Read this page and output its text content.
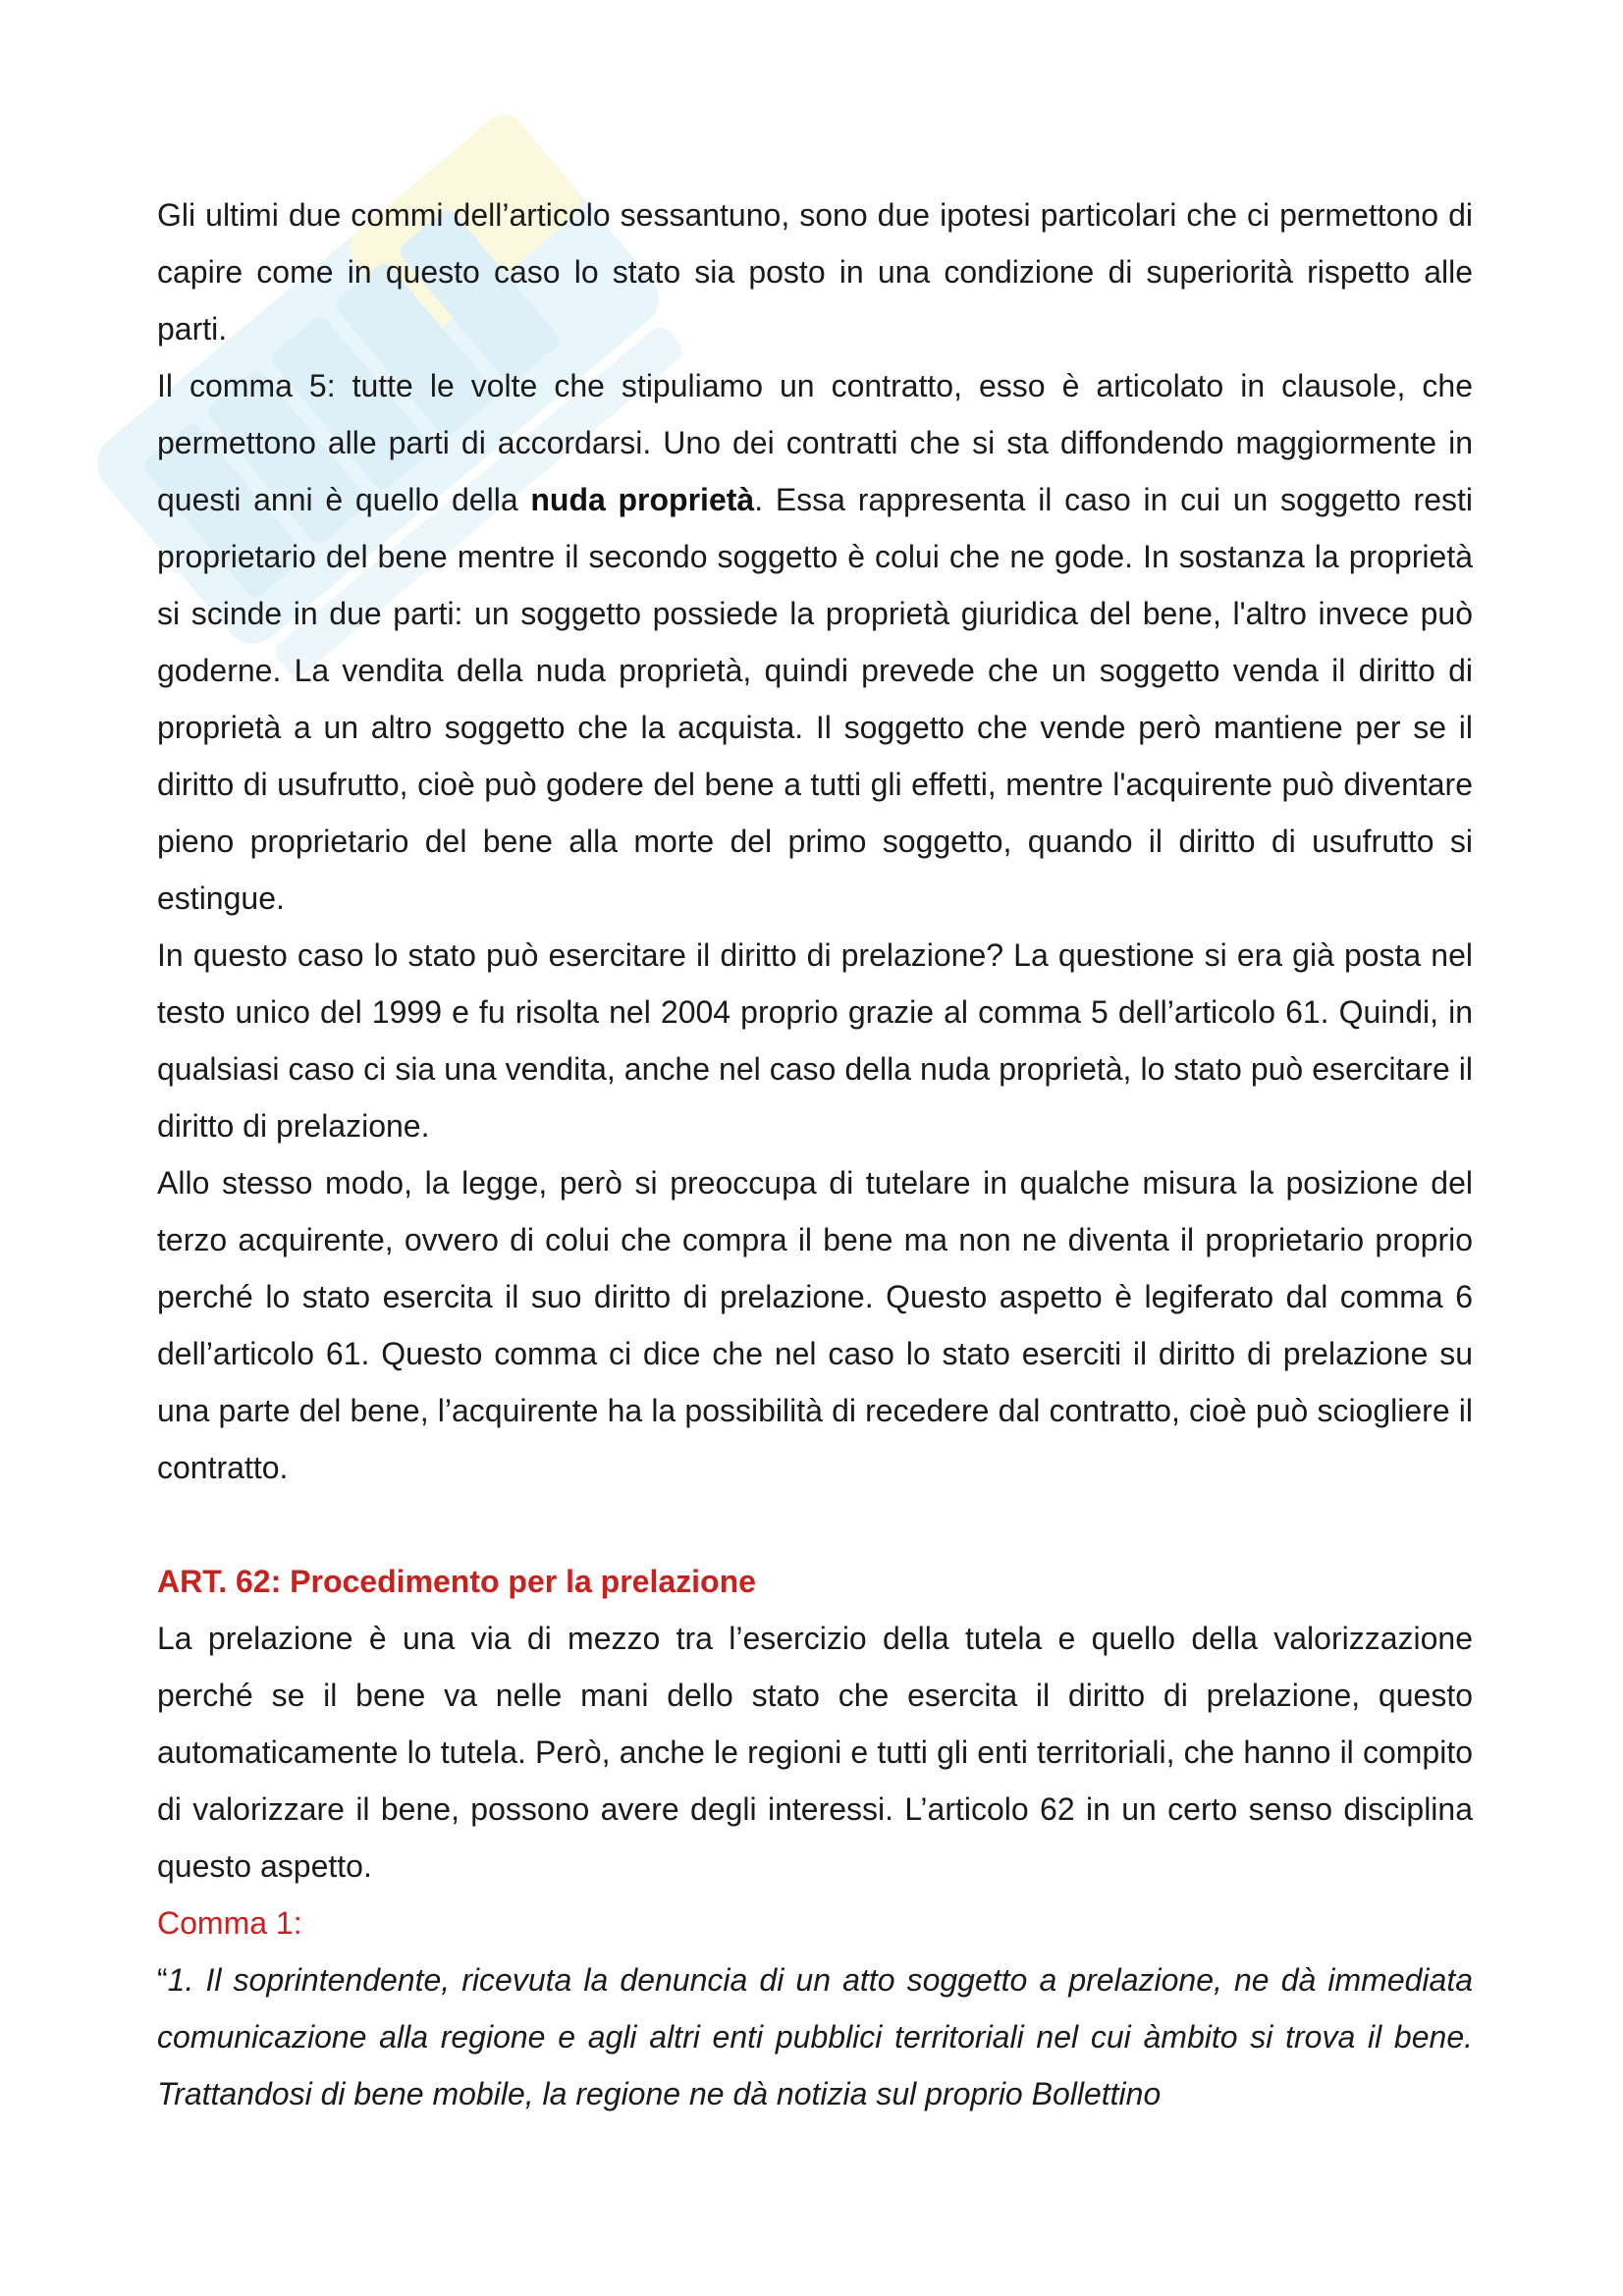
Gli ultimi due commi dell’articolo sessantuno, sono due ipotesi particolari che ci permettono di capire come in questo caso lo stato sia posto in una condizione di superiorità rispetto alle parti.

Il comma 5: tutte le volte che stipuliamo un contratto, esso è articolato in clausole, che permettono alle parti di accordarsi. Uno dei contratti che si sta diffondendo maggiormente in questi anni è quello della nuda proprietà. Essa rappresenta il caso in cui un soggetto resti proprietario del bene mentre il secondo soggetto è colui che ne gode. In sostanza la proprietà si scinde in due parti: un soggetto possiede la proprietà giuridica del bene, l'altro invece può goderne. La vendita della nuda proprietà, quindi prevede che un soggetto venda il diritto di proprietà a un altro soggetto che la acquista. Il soggetto che vende però mantiene per se il diritto di usufrutto, cioè può godere del bene a tutti gli effetti, mentre l'acquirente può diventare pieno proprietario del bene alla morte del primo soggetto, quando il diritto di usufrutto si estingue.

In questo caso lo stato può esercitare il diritto di prelazione? La questione si era già posta nel testo unico del 1999 e fu risolta nel 2004 proprio grazie al comma 5 dell’articolo 61. Quindi, in qualsiasi caso ci sia una vendita, anche nel caso della nuda proprietà, lo stato può esercitare il diritto di prelazione.

Allo stesso modo, la legge, però si preoccupa di tutelare in qualche misura la posizione del terzo acquirente, ovvero di colui che compra il bene ma non ne diventa il proprietario proprio perché lo stato esercita il suo diritto di prelazione. Questo aspetto è legiferato dal comma 6 dell’articolo 61. Questo comma ci dice che nel caso lo stato eserciti il diritto di prelazione su una parte del bene, l’acquirente ha la possibilità di recedere dal contratto, cioè può sciogliere il contratto.

ART. 62: Procedimento per la prelazione

La prelazione è una via di mezzo tra l’esercizio della tutela e quello della valorizzazione perché se il bene va nelle mani dello stato che esercita il diritto di prelazione, questo automaticamente lo tutela. Però, anche le regioni e tutti gli enti territoriali, che hanno il compito di valorizzare il bene, possono avere degli interessi. L’articolo 62 in un certo senso disciplina questo aspetto.

Comma 1:

“1. Il soprintendente, ricevuta la denuncia di un atto soggetto a prelazione, ne dà immediata comunicazione alla regione e agli altri enti pubblici territoriali nel cui àmbito si trova il bene. Trattandosi di bene mobile, la regione ne dà notizia sul proprio Bollettino
